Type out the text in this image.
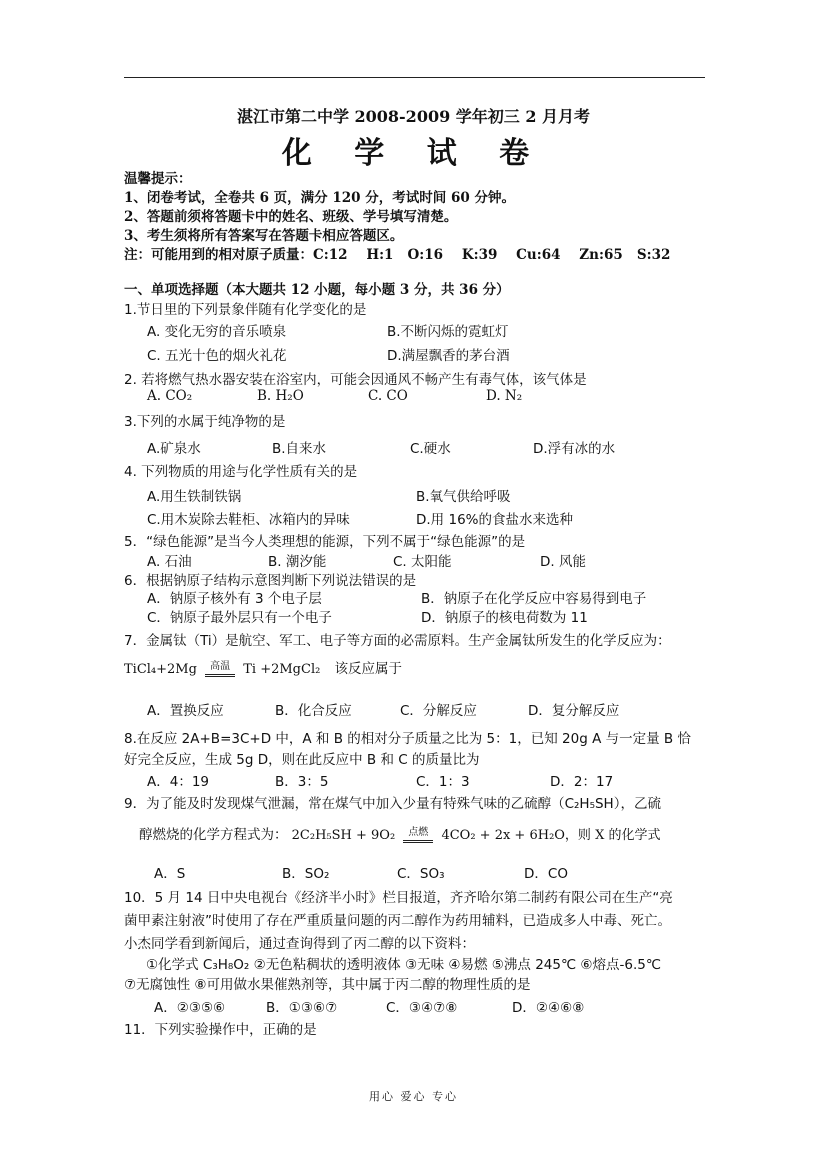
湛江市第二中学 2008-2009 学年初三 2 月月考
化 学 试 卷
温馨提示：
1、闭卷考试，全卷共 6 页，满分 120 分，考试时间 60 分钟。
2、答题前须将答题卡中的姓名、班级、学号填写清楚。
3、考生须将所有答案写在答题卡相应答题区。
注：可能用到的相对原子质量：C:12    H:1   O:16    K:39    Cu:64    Zn:65   S:32
一、单项选择题（本大题共 12 小题，每小题 3 分，共 36 分）
1.节日里的下列景象伴随有化学变化的是
A. 变化无穷的音乐喷泉	B.不断闪烁的霓虹灯
C. 五光十色的烟火礼花	D.满屋飘香的茅台酒
2. 若将燃气热水器安装在浴室内，可能会因通风不畅产生有毒气体，该气体是
A. CO₂	B. H₂O	C. CO	D. N₂
3.下列的水属于纯净物的是
A.矿泉水	B.自来水	C.硬水	D.浮有冰的水
4. 下列物质的用途与化学性质有关的是
A.用生铁制铁锅	B.氧气供给呼吸
C.用木炭除去鞋柜、冰箱内的异味	D.用 16%的食盐水来选种
5．“绿色能源”是当今人类理想的能源，下列不属于“绿色能源”的是
A. 石油	B. 潮汐能	C. 太阳能	D. 风能
6．根据钠原子结构示意图判断下列说法错误的是
A．钠原子核外有 3 个电子层	B．钠原子在化学反应中容易得到电子
C．钠原子最外层只有一个电子	D．钠原子的核电荷数为 11
7．金属钛（Ti）是航空、军工、电子等方面的必需原料。生产金属钛所发生的化学反应为：
TiCl₄+2Mg 高温 Ti +2MgCl₂ 该反应属于
A．置换反应	B．化合反应	C．分解反应	D．复分解反应
8.在反应 2A+B=3C+D 中，A 和 B 的相对分子质量之比为 5：1，已知 20g A 与一定量 B 恰
好完全反应，生成 5g D，则在此反应中 B 和 C 的质量比为
A．4：19	B．3：5	C．1：3	D．2：17
9．为了能及时发现煤气泄漏，常在煤气中加入少量有特殊气味的乙硫醇（C₂H₅SH），乙硫
醇燃烧的化学方程式为： 2C₂H₅SH + 9O₂ 点燃 4CO₂ + 2x + 6H₂O，则 X 的化学式
A．S	B．SO₂	C．SO₃	D．CO
10．5 月 14 日中央电视台《经济半小时》栏目报道，齐齐哈尔第二制药有限公司在生产“亮
菌甲素注射液”时使用了存在严重质量问题的丙二醇作为药用辅料，已造成多人中毒、死亡。
小杰同学看到新闻后，通过查询得到了丙二醇的以下资料：
①化学式 C₃H₈O₂ ②无色粘稠状的透明液体 ③无味 ④易燃 ⑤沸点 245℃ ⑥熔点-6.5℃
⑦无腐蚀性 ⑧可用做水果催熟剂等，其中属于丙二醇的物理性质的是
A．②③⑤⑥	B．①③⑥⑦	C．③④⑦⑧	D．②④⑥⑧
11．下列实验操作中，正确的是
用心 爱心 专心
